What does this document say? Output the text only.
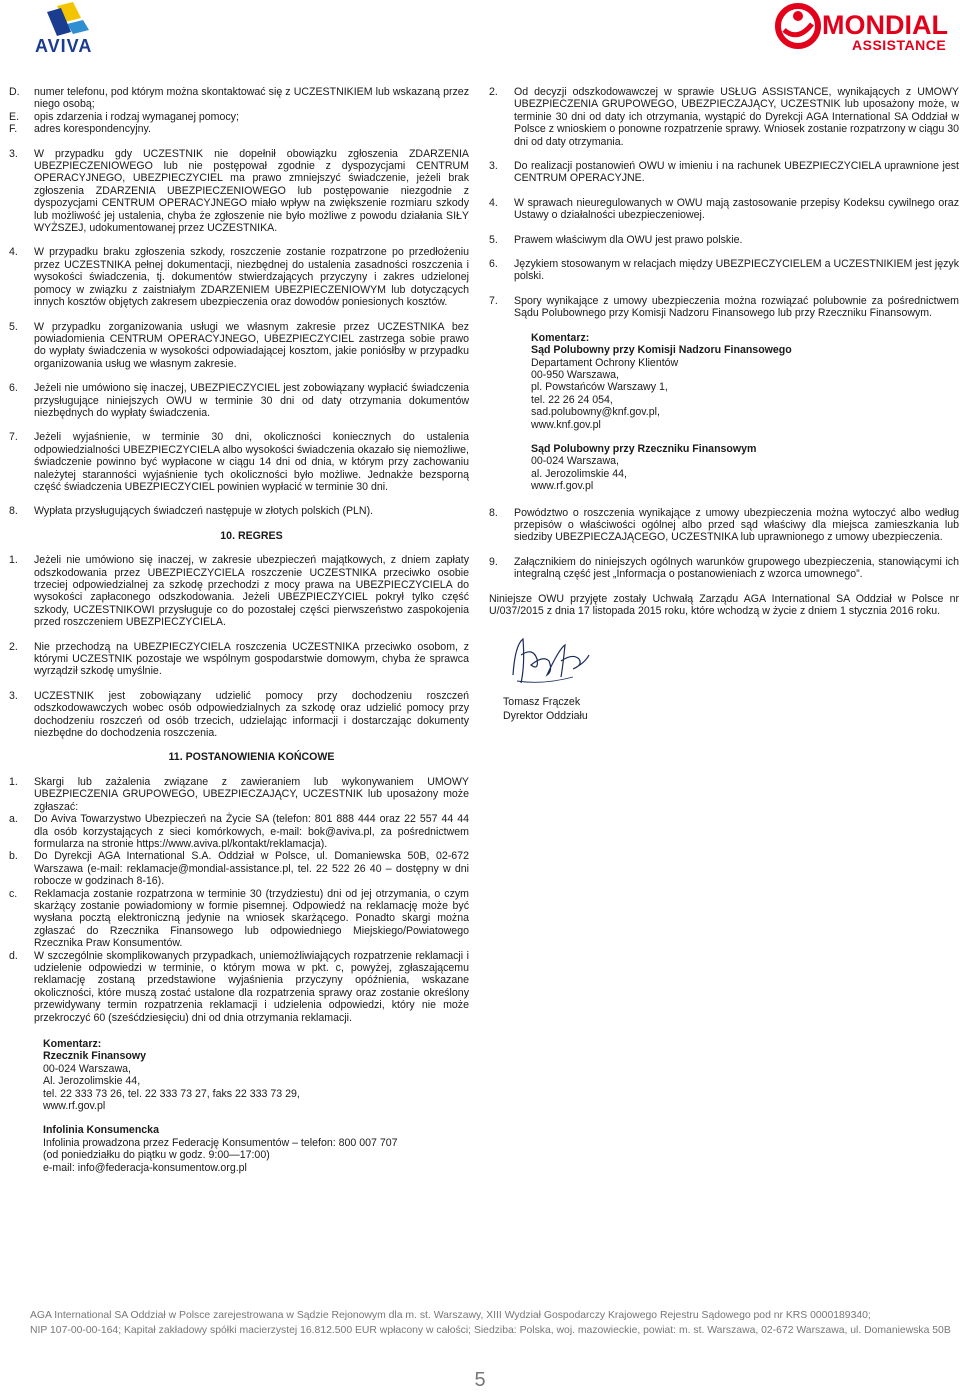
AVIVA
MONDIAL
ASSISTANCE
D.	numer telefonu, pod którym można skontaktować się z UCZESTNIKIEM lub wskazaną przez niego osobą;
E.	opis zdarzenia i rodzaj wymaganej pomocy;
F.	adres korespondencyjny.
3.	W przypadku gdy UCZESTNIK nie dopełnił obowiązku zgłoszenia ZDARZENIA UBEZPIECZENIOWEGO lub nie postępował zgodnie z dyspozycjami CENTRUM OPERACYJNEGO, UBEZPIECZYCIEL ma prawo zmniejszyć świadczenie, jeżeli brak zgłoszenia ZDARZENIA UBEZPIECZENIOWEGO lub postępowanie niezgodnie z dyspozycjami CENTRUM OPERACYJNEGO miało wpływ na zwiększenie rozmiaru szkody lub możliwość jej ustalenia, chyba że zgłoszenie nie było możliwe z powodu działania SIŁY WYŻSZEJ, udokumentowanej przez UCZESTNIKA.
4.	W przypadku braku zgłoszenia szkody, roszczenie zostanie rozpatrzone po przedłożeniu przez UCZESTNIKA pełnej dokumentacji, niezbędnej do ustalenia zasadności roszczenia i wysokości świadczenia, tj. dokumentów stwierdzających przyczyny i zakres udzielonej pomocy w związku z zaistniałym ZDARZENIEM UBEZPIECZENIOWYM lub dotyczących innych kosztów objętych zakresem ubezpieczenia oraz dowodów poniesionych kosztów.
5.	W przypadku zorganizowania usługi we własnym zakresie przez UCZESTNIKA bez powiadomienia CENTRUM OPERACYJNEGO, UBEZPIECZYCIEL zastrzega sobie prawo do wypłaty świadczenia w wysokości odpowiadającej kosztom, jakie poniósłby w przypadku organizowania usług we własnym zakresie.
6.	Jeżeli nie umówiono się inaczej, UBEZPIECZYCIEL jest zobowiązany wypłacić świadczenia przysługujące niniejszych OWU w terminie 30 dni od daty otrzymania dokumentów niezbędnych do wypłaty świadczenia.
7.	Jeżeli wyjaśnienie, w terminie 30 dni, okoliczności koniecznych do ustalenia odpowiedzialności UBEZPIECZYCIELA albo wysokości świadczenia okazało się niemożliwe, świadczenie powinno być wypłacone w ciągu 14 dni od dnia, w którym przy zachowaniu należytej staranności wyjaśnienie tych okoliczności było możliwe. Jednakże bezsporną część świadczenia UBEZPIECZYCIEL powinien wypłacić w terminie 30 dni.
8.	Wypłata przysługujących świadczeń następuje w złotych polskich (PLN).
10. REGRES
1.	Jeżeli nie umówiono się inaczej, w zakresie ubezpieczeń majątkowych, z dniem zapłaty odszkodowania przez UBEZPIECZYCIELA roszczenie UCZESTNIKA przeciwko osobie trzeciej odpowiedzialnej za szkodę przechodzi z mocy prawa na UBEZPIECZYCIELA do wysokości zapłaconego odszkodowania. Jeżeli UBEZPIECZYCIEL pokrył tylko część szkody, UCZESTNIKOWI przysługuje co do pozostałej części pierwszeństwo zaspokojenia przed roszczeniem UBEZPIECZYCIELA.
2.	Nie przechodzą na UBEZPIECZYCIELA roszczenia UCZESTNIKA przeciwko osobom, z którymi UCZESTNIK pozostaje we wspólnym gospodarstwie domowym, chyba że sprawca wyrządził szkodę umyślnie.
3.	UCZESTNIK jest zobowiązany udzielić pomocy przy dochodzeniu roszczeń odszkodowawczych wobec osób odpowiedzialnych za szkodę oraz udzielić pomocy przy dochodzeniu roszczeń od osób trzecich, udzielając informacji i dostarczając dokumenty niezbędne do dochodzenia roszczenia.
11. POSTANOWIENIA KOŃCOWE
1.	Skargi lub zażalenia związane z zawieraniem lub wykonywaniem UMOWY UBEZPIECZENIA GRUPOWEGO, UBEZPIECZAJĄCY, UCZESTNIK lub uposażony może zgłaszać:
a.	Do Aviva Towarzystwo Ubezpieczeń na Życie SA (telefon: 801 888 444 oraz 22 557 44 44 dla osób korzystających z sieci komórkowych, e-mail: bok@aviva.pl, za pośrednictwem formularza na stronie https://www.aviva.pl/kontakt/reklamacja).
b.	Do Dyrekcji AGA International S.A. Oddział w Polsce, ul. Domaniewska 50B, 02-672 Warszawa (e-mail: reklamacje@mondial-assistance.pl, tel. 22 522 26 40 – dostępny w dni robocze w godzinach 8-16).
c.	Reklamacja zostanie rozpatrzona w terminie 30 (trzydziestu) dni od jej otrzymania, o czym skarżący zostanie powiadomiony w formie pisemnej. Odpowiedź na reklamację może być wysłana pocztą elektroniczną jedynie na wniosek skarżącego. Ponadto skargi można zgłaszać do Rzecznika Finansowego lub odpowiedniego Miejskiego/Powiatowego Rzecznika Praw Konsumentów.
d.	W szczególnie skomplikowanych przypadkach, uniemożliwiających rozpatrzenie reklamacji i udzielenie odpowiedzi w terminie, o którym mowa w pkt. c, powyżej, zgłaszającemu reklamację zostaną przedstawione wyjaśnienia przyczyny opóźnienia, wskazane okoliczności, które muszą zostać ustalone dla rozpatrzenia sprawy oraz zostanie określony przewidywany termin rozpatrzenia reklamacji i udzielenia odpowiedzi, który nie może przekroczyć 60 (sześćdziesięciu) dni od dnia otrzymania reklamacji.
Komentarz:
Rzecznik Finansowy
00-024 Warszawa,
Al. Jerozolimskie 44,
tel. 22 333 73 26, tel. 22 333 73 27, faks 22 333 73 29,
www.rf.gov.pl
Infolinia Konsumencka
Infolinia prowadzona przez Federację Konsumentów – telefon: 800 007 707
(od poniedziałku do piątku w godz. 9:00—17:00)
e-mail: info@federacja-konsumentow.org.pl
2.	Od decyzji odszkodowawczej w sprawie USŁUG ASSISTANCE, wynikających z UMOWY UBEZPIECZENIA GRUPOWEGO, UBEZPIECZAJĄCY, UCZESTNIK lub uposażony może, w terminie 30 dni od daty ich otrzymania, wystąpić do Dyrekcji AGA International SA Oddział w Polsce z wnioskiem o ponowne rozpatrzenie sprawy. Wniosek zostanie rozpatrzony w ciągu 30 dni od daty otrzymania.
3.	Do realizacji postanowień OWU w imieniu i na rachunek UBEZPIECZYCIELA uprawnione jest CENTRUM OPERACYJNE.
4.	W sprawach nieuregulowanych w OWU mają zastosowanie przepisy Kodeksu cywilnego oraz Ustawy o działalności ubezpieczeniowej.
5.	Prawem właściwym dla OWU jest prawo polskie.
6.	Językiem stosowanym w relacjach między UBEZPIECZYCIELEM a UCZESTNIKIEM jest język polski.
7.	Spory wynikające z umowy ubezpieczenia można rozwiązać polubownie za pośrednictwem Sądu Polubownego przy Komisji Nadzoru Finansowego lub przy Rzeczniku Finansowym.
Komentarz:
Sąd Polubowny przy Komisji Nadzoru Finansowego
Departament Ochrony Klientów
00-950 Warszawa,
pl. Powstańców Warszawy 1,
tel. 22 26 24 054,
sad.polubowny@knf.gov.pl,
www.knf.gov.pl
Sąd Polubowny przy Rzeczniku Finansowym
00-024 Warszawa,
al. Jerozolimskie 44,
www.rf.gov.pl
8.	Powództwo o roszczenia wynikające z umowy ubezpieczenia można wytoczyć albo według przepisów o właściwości ogólnej albo przed sąd właściwy dla miejsca zamieszkania lub siedziby UBEZPIECZAJĄCEGO, UCZESTNIKA lub uprawnionego z umowy ubezpieczenia.
9.	Załącznikiem do niniejszych ogólnych warunków grupowego ubezpieczenia, stanowiącymi ich integralną część jest „Informacja o postanowieniach z wzorca umownego”.
Niniejsze OWU przyjęte zostały Uchwałą Zarządu AGA International SA Oddział w Polsce nr U/037/2015 z dnia 17 listopada 2015 roku, które wchodzą w życie z dniem 1 stycznia 2016 roku.
Tomasz Frączek
Dyrektor Oddziału
AGA International SA Oddział w Polsce zarejestrowana w Sądzie Rejonowym dla m. st. Warszawy, XIII Wydział Gospodarczy Krajowego Rejestru Sądowego pod nr KRS 0000189340;
NIP 107-00-00-164; Kapitał zakładowy spółki macierzystej 16.812.500 EUR wpłacony w całości; Siedziba: Polska, woj. mazowieckie, powiat: m. st. Warszawa, 02-672 Warszawa, ul. Domaniewska 50B
5
